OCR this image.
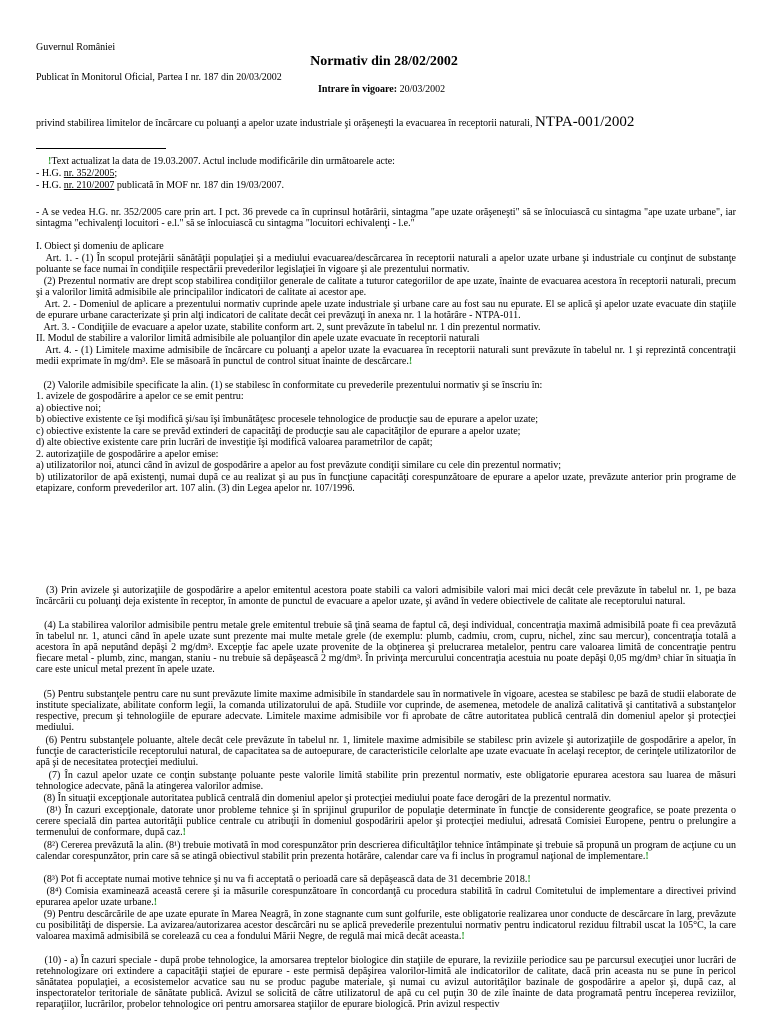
Guvernul României
Normativ din 28/02/2002
Publicat în Monitorul Oficial, Partea I nr. 187 din 20/03/2002
Intrare în vigoare: 20/03/2002
privind stabilirea limitelor de încărcare cu poluanţi a apelor uzate industriale şi orăşeneşti la evacuarea în receptorii naturali, NTPA-001/2002
!Text actualizat la data de 19.03.2007. Actul include modificările din următoarele acte:
- H.G. nr. 352/2005;
- H.G. nr. 210/2007 publicată în MOF nr. 187 din 19/03/2007.
- A se vedea H.G. nr. 352/2005 care prin art. I pct. 36 prevede ca în cuprinsul hotărârii, sintagma "ape uzate orăşeneşti" să se înlocuiască cu sintagma "ape uzate urbane", iar sintagma "echivalenţi locuitori - e.l." să se înlocuiască cu sintagma "locuitori echivalenţi - l.e."
I. Obiect şi domeniu de aplicare
Art. 1. - (1) În scopul protejării sănătăţii populaţiei şi a mediului evacuarea/descărcarea în receptorii naturali a apelor uzate urbane şi industriale cu conţinut de substanţe poluante se face numai în condiţiile respectării prevederilor legislaţiei în vigoare şi ale prezentului normativ.
(2) Prezentul normativ are drept scop stabilirea condiţiilor generale de calitate a tuturor categoriilor de ape uzate, înainte de evacuarea acestora în receptorii naturali, precum şi a valorilor limită admisibile ale principalilor indicatori de calitate ai acestor ape.
Art. 2. - Domeniul de aplicare a prezentului normativ cuprinde apele uzate industriale şi urbane care au fost sau nu epurate. El se aplică şi apelor uzate evacuate din staţiile de epurare urbane caracterizate şi prin alţi indicatori de calitate decât cei prevăzuţi în anexa nr. 1 la hotărâre - NTPA-011.
Art. 3. - Condiţiile de evacuare a apelor uzate, stabilite conform art. 2, sunt prevăzute în tabelul nr. 1 din prezentul normativ.
II. Modul de stabilire a valorilor limită admisibile ale poluanţilor din apele uzate evacuate în receptorii naturali
Art. 4. - (1) Limitele maxime admisibile de încărcare cu poluanţi a apelor uzate la evacuarea în receptorii naturali sunt prevăzute în tabelul nr. 1 şi reprezintă concentraţii medii exprimate în mg/dm³. Ele se măsoară în punctul de control situat înainte de descărcare.!
(2) Valorile admisibile specificate la alin. (1) se stabilesc în conformitate cu prevederile prezentului normativ şi se înscriu în:
1. avizele de gospodărire a apelor ce se emit pentru:
a) obiective noi;
b) obiective existente ce îşi modifică şi/sau îşi îmbunătăţesc procesele tehnologice de producţie sau de epurare a apelor uzate;
c) obiective existente la care se prevăd extinderi de capacităţi de producţie sau ale capacităţilor de epurare a apelor uzate;
d) alte obiective existente care prin lucrări de investiţie îşi modifică valoarea parametrilor de capăt;
2. autorizaţiile de gospodărire a apelor emise:
a) utilizatorilor noi, atunci când în avizul de gospodărire a apelor au fost prevăzute condiţii similare cu cele din prezentul normativ;
b) utilizatorilor de apă existenţi, numai după ce au realizat şi au pus în funcţiune capacităţi corespunzătoare de epurare a apelor uzate, prevăzute anterior prin programe de etapizare, conform prevederilor art. 107 alin. (3) din Legea apelor nr. 107/1996.
(3) Prin avizele şi autorizaţiile de gospodărire a apelor emitentul acestora poate stabili ca valori admisibile valori mai mici decât cele prevăzute în tabelul nr. 1, pe baza încărcării cu poluanţi deja existente în receptor, în amonte de punctul de evacuare a apelor uzate, şi având în vedere obiectivele de calitate ale receptorului natural.
(4) La stabilirea valorilor admisibile pentru metale grele emitentul trebuie să ţină seama de faptul că, deşi individual, concentraţia maximă admisibilă poate fi cea prevăzută în tabelul nr. 1, atunci când în apele uzate sunt prezente mai multe metale grele (de exemplu: plumb, cadmiu, crom, cupru, nichel, zinc sau mercur), concentraţia totală a acestora în apă neputând depăşi 2 mg/dm³. Excepţie fac apele uzate provenite de la obţinerea şi prelucrarea metalelor, pentru care valoarea limită de concentraţie pentru fiecare metal - plumb, zinc, mangan, staniu - nu trebuie să depăşească 2 mg/dm³. În privinţa mercurului concentraţia acestuia nu poate depăşi 0,05 mg/dm³ chiar în situaţia în care este unicul metal prezent în apele uzate.
(5) Pentru substanţele pentru care nu sunt prevăzute limite maxime admisibile în standardele sau în normativele în vigoare, acestea se stabilesc pe bază de studii elaborate de institute specializate, abilitate conform legii, la comanda utilizatorului de apă. Studiile vor cuprinde, de asemenea, metodele de analiză calitativă şi cantitativă a substanţelor respective, precum şi tehnologiile de epurare adecvate. Limitele maxime admisibile vor fi aprobate de către autoritatea publică centrală din domeniul apelor şi protecţiei mediului.
(6) Pentru substanţele poluante, altele decât cele prevăzute în tabelul nr. 1, limitele maxime admisibile se stabilesc prin avizele şi autorizaţiile de gospodărire a apelor, în funcţie de caracteristicile receptorului natural, de capacitatea sa de autoepurare, de caracteristicile celorlalte ape uzate evacuate în acelaşi receptor, de cerinţele utilizatorilor de apă şi de necesitatea protecţiei mediului.
(7) În cazul apelor uzate ce conţin substanţe poluante peste valorile limită stabilite prin prezentul normativ, este obligatorie epurarea acestora sau luarea de măsuri tehnologice adecvate, până la atingerea valorilor admise.
(8) În situaţii excepţionale autoritatea publică centrală din domeniul apelor şi protecţiei mediului poate face derogări de la prezentul normativ.
(8¹) În cazuri excepţionale, datorate unor probleme tehnice şi în sprijinul grupurilor de populaţie determinate în funcţie de considerente geografice, se poate prezenta o cerere specială din partea autorităţii publice centrale cu atribuţii în domeniul gospodăririi apelor şi protecţiei mediului, adresată Comisiei Europene, pentru o prelungire a termenului de conformare, după caz.!
(8²) Cererea prevăzută la alin. (8¹) trebuie motivată în mod corespunzător prin descrierea dificultăţilor tehnice întâmpinate şi trebuie să propună un program de acţiune cu un calendar corespunzător, prin care să se atingă obiectivul stabilit prin prezenta hotărâre, calendar care va fi inclus în programul naţional de implementare.!
(8³) Pot fi acceptate numai motive tehnice şi nu va fi acceptată o perioadă care să depăşească data de 31 decembrie 2018.!
(8⁴) Comisia examinează această cerere şi ia măsurile corespunzătoare în concordanţă cu procedura stabilită în cadrul Comitetului de implementare a directivei privind epurarea apelor uzate urbane.!
(9) Pentru descărcările de ape uzate epurate în Marea Neagră, în zone stagnante cum sunt golfurile, este obligatorie realizarea unor conducte de descărcare în larg, prevăzute cu posibilităţi de dispersie. La avizarea/autorizarea acestor descărcări nu se aplică prevederile prezentului normativ pentru indicatorul reziduu filtrabil uscat la 105°C, la care valoarea maximă admisibilă se corelează cu cea a fondului Mării Negre, de regulă mai mică decât aceasta.!
(10) - a) În cazuri speciale - după probe tehnologice, la amorsarea treptelor biologice din staţiile de epurare, la reviziile periodice sau pe parcursul execuţiei unor lucrări de retehnologizare ori extindere a capacităţii staţiei de epurare - este permisă depăşirea valorilor-limită ale indicatorilor de calitate, dacă prin aceasta nu se pune în pericol sănătatea populaţiei, a ecosistemelor acvatice sau nu se produc pagube materiale, şi numai cu avizul autorităţilor bazinale de gospodărire a apelor şi, după caz, al inspectoratelor teritoriale de sănătate publică. Avizul se solicită de către utilizatorul de apă cu cel puţin 30 de zile înainte de data programată pentru începerea reviziilor, reparaţiilor, lucrărilor, probelor tehnologice ori pentru amorsarea staţiilor de epurare biologică. Prin avizul respectiv
